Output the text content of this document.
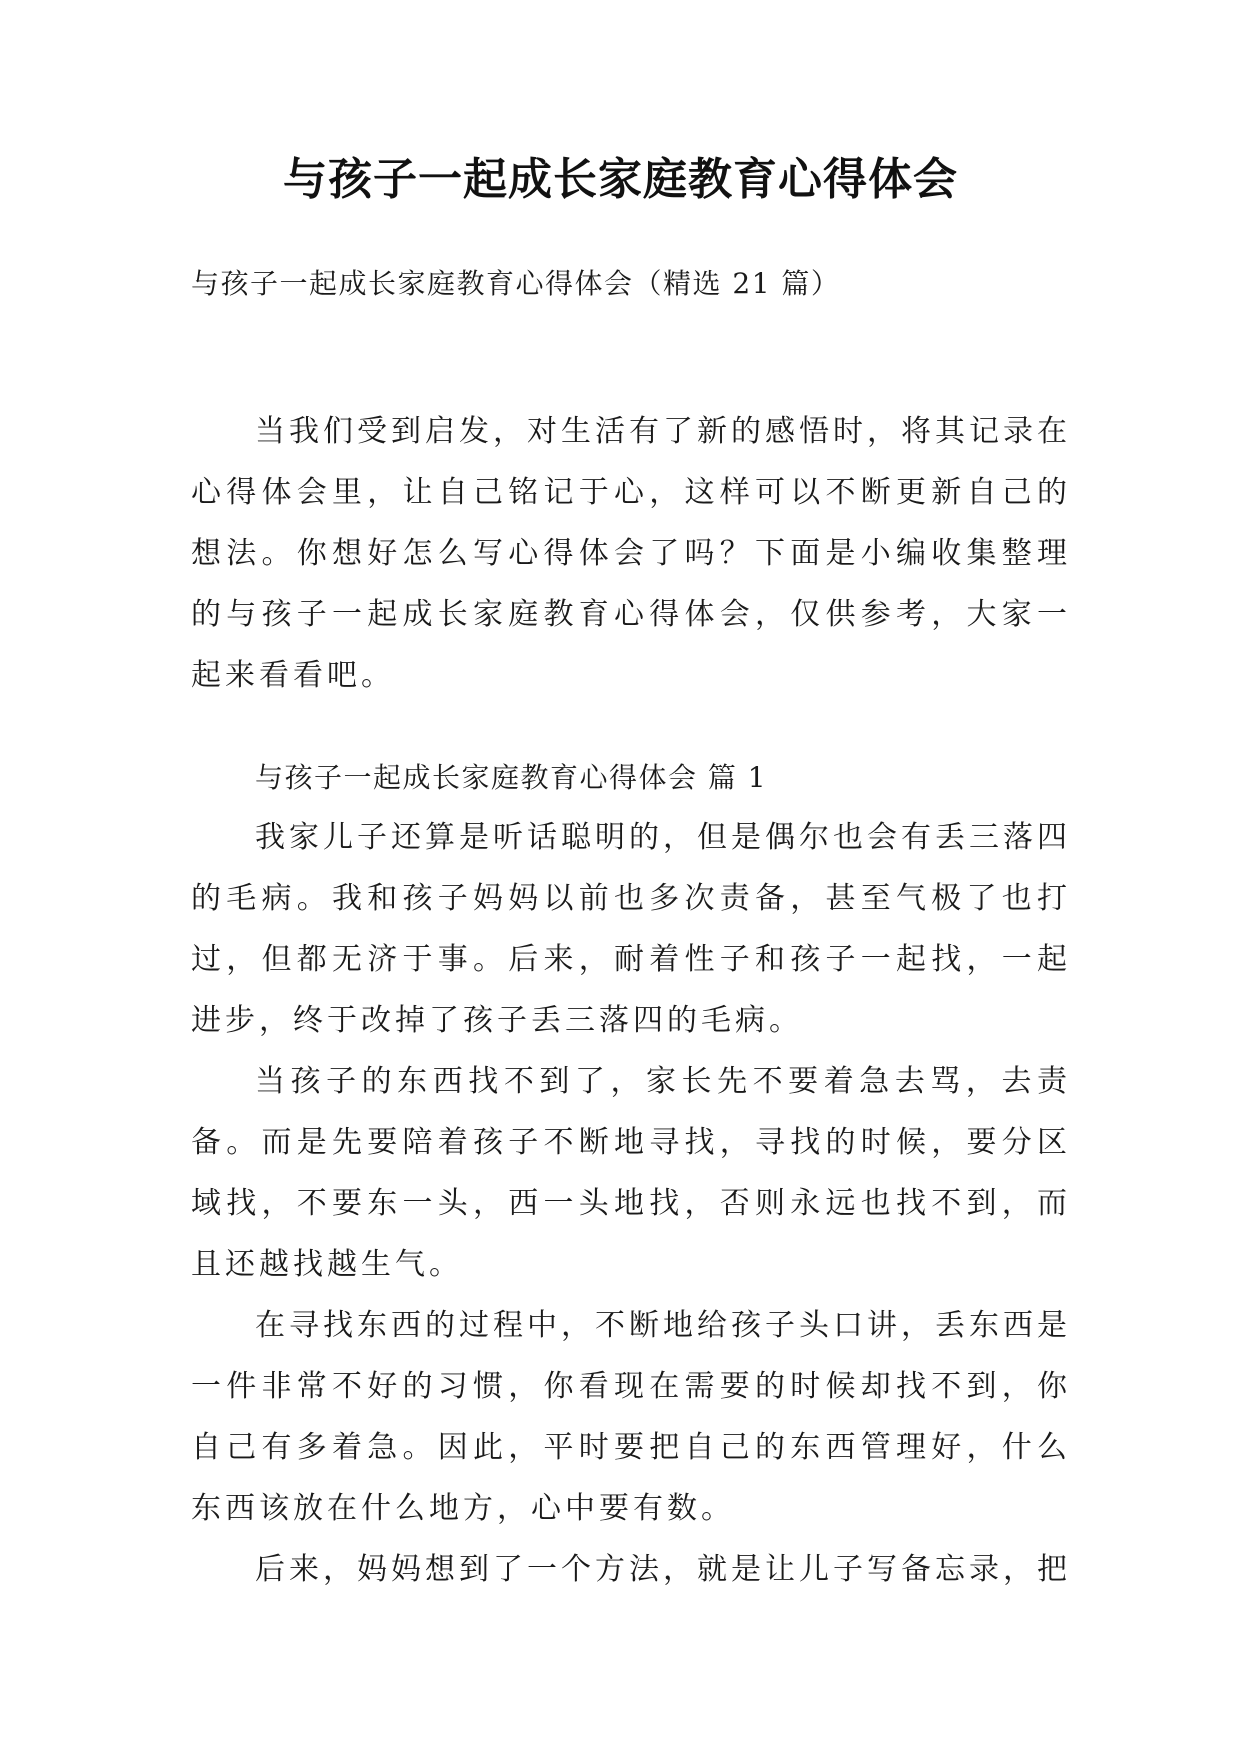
与孩子一起成长家庭教育心得体会
与孩子一起成长家庭教育心得体会（精选 21 篇）

当我们受到启发，对生活有了新的感悟时，将其记录在心得体会里，让自己铭记于心，这样可以不断更新自己的想法。你想好怎么写心得体会了吗？下面是小编收集整理的与孩子一起成长家庭教育心得体会，仅供参考，大家一起来看看吧。

与孩子一起成长家庭教育心得体会 篇 1

我家儿子还算是听话聪明的，但是偶尔也会有丢三落四的毛病。我和孩子妈妈以前也多次责备，甚至气极了也打过，但都无济于事。后来，耐着性子和孩子一起找，一起进步，终于改掉了孩子丢三落四的毛病。

当孩子的东西找不到了，家长先不要着急去骂，去责备。而是先要陪着孩子不断地寻找，寻找的时候，要分区域找，不要东一头，西一头地找，否则永远也找不到，而且还越找越生气。

在寻找东西的过程中，不断地给孩子头口讲，丢东西是一件非常不好的习惯，你看现在需要的时候却找不到，你自己有多着急。因此，平时要把自己的东西管理好，什么东西该放在什么地方，心中要有数。

后来，妈妈想到了一个方法，就是让儿子写备忘录，把
